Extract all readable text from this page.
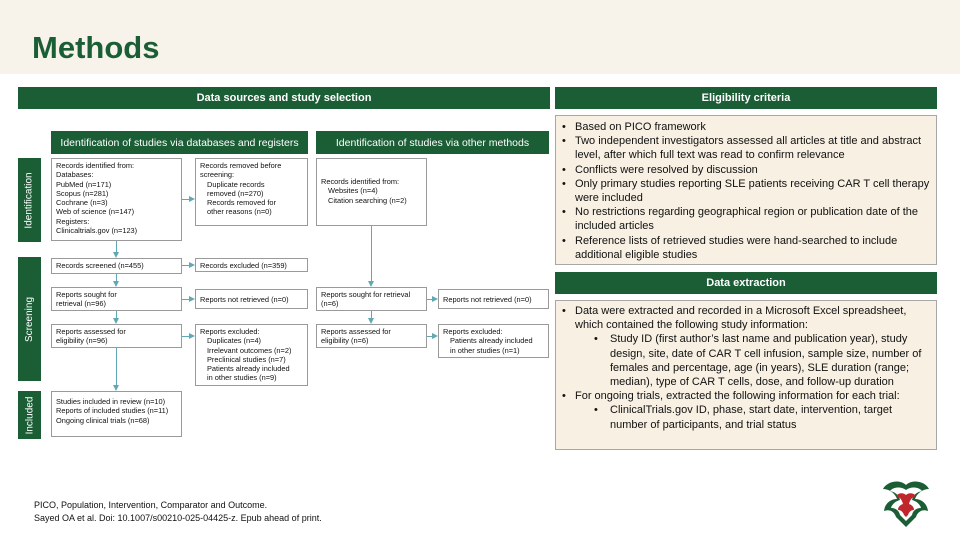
Methods
Data sources and study selection
Identification of studies via databases and registers	Identification of studies via other methods
Identification
Screening
Included
Records identified from:
Databases:
PubMed (n=171)
Scopus (n=281)
Cochrane (n=3)
Web of science (n=147)
Registers:
Clinicaltrials.gov (n=123)
Records removed before
screening:
Duplicate records
removed (n=270)
Records removed for
other reasons (n=0)
Records identified from:
Websites (n=4)
Citation searching (n=2)
Records screened (n=455)	Records excluded (n=359)
Reports sought for
retrieval (n=96)	Reports not retrieved (n=0)
Reports sought for retrieval
(n=6)	Reports not retrieved (n=0)
Reports assessed for
eligibility (n=96)
Reports excluded:
Duplicates (n=4)
Irrelevant outcomes (n=2)
Preclinical studies (n=7)
Patients already included
in other studies (n=9)
Reports assessed for
eligibility (n=6)
Reports excluded:
Patients already included
in other studies (n=1)
Studies included in review (n=10)
Reports of included studies (n=11)
Ongoing clinical trials (n=68)
Eligibility criteria
• Based on PICO framework
• Two independent investigators assessed all articles at title and abstract level, after which full text was read to confirm relevance
• Conflicts were resolved by discussion
• Only primary studies reporting SLE patients receiving CAR T cell therapy were included
• No restrictions regarding geographical region or publication date of the included articles
• Reference lists of retrieved studies were hand-searched to include additional eligible studies
Data extraction
• Data were extracted and recorded in a Microsoft Excel spreadsheet, which contained the following study information:
• Study ID (first author’s last name and publication year), study design, site, date of CAR T cell infusion, sample size, number of females and percentage, age (in years), SLE duration (range; median), type of CAR T cells, dose, and follow-up duration
• For ongoing trials, extracted the following information for each trial:
• ClinicalTrials.gov ID, phase, start date, intervention, target number of participants, and trial status
PICO, Population, Intervention, Comparator and Outcome.
Sayed OA et al. Doi: 10.1007/s00210-025-04425-z. Epub ahead of print.
